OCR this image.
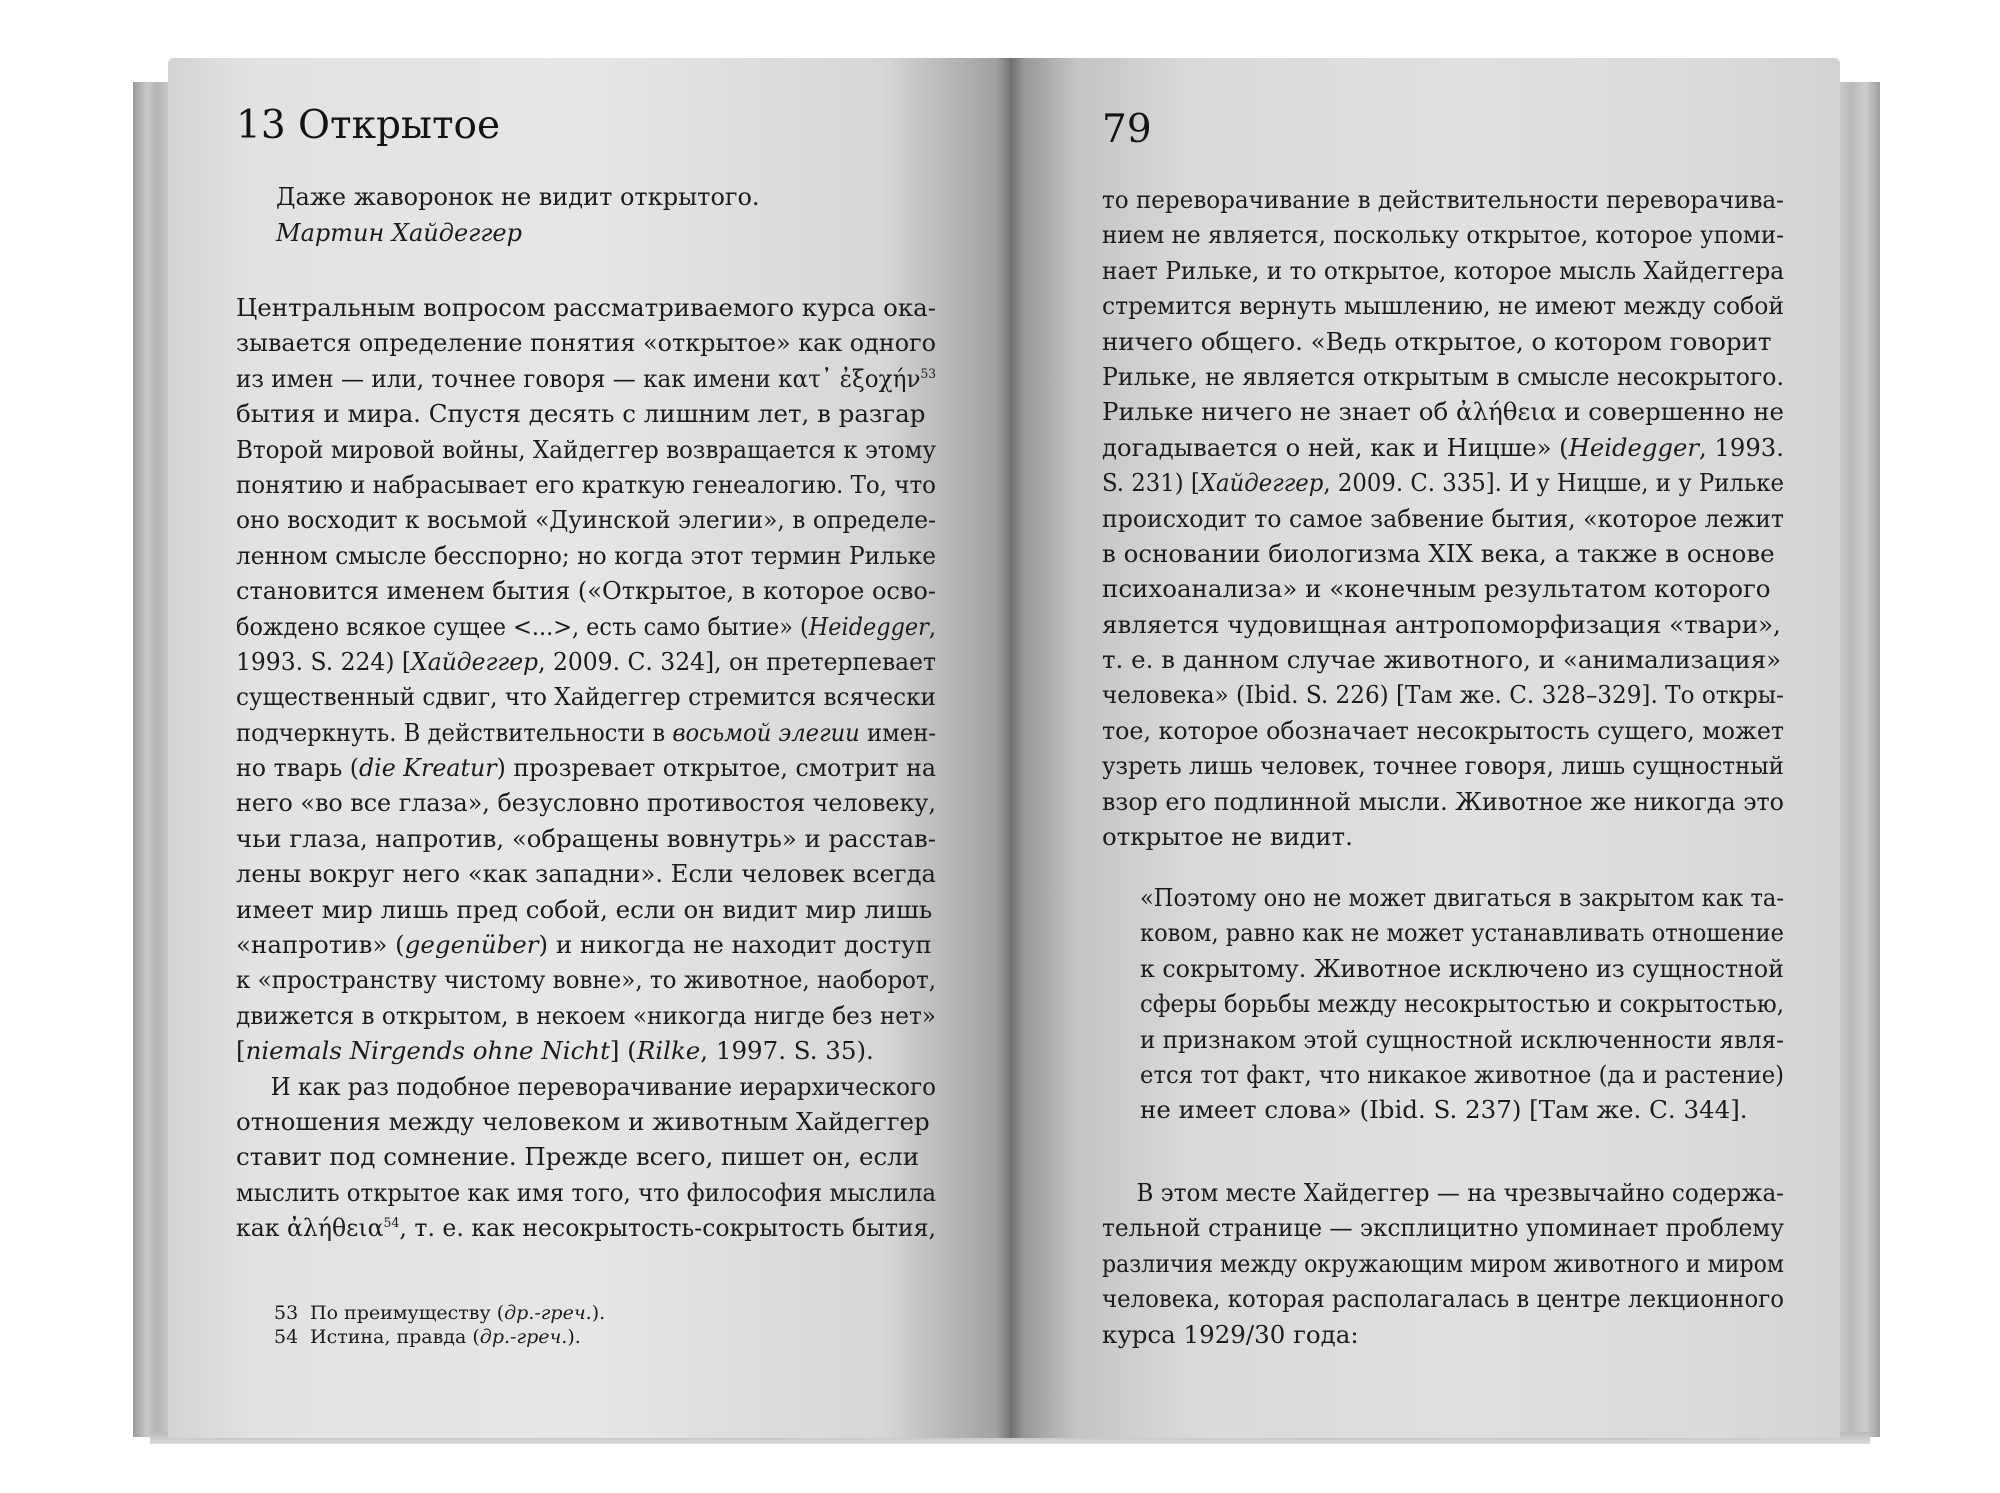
13 Открытое
Даже жаворонок не видит открытого.
Мартин Хайдеггер
Центральным вопросом рассматриваемого курса ока-
зывается определение понятия «открытое» как одного
из имен — или, точнее говоря — как имени κατ᾽ ἐξοχήν$^{53}$
бытия и мира. Спустя десять с лишним лет, в разгар
Второй мировой войны, Хайдеггер возвращается к этому
понятию и набрасывает его краткую генеалогию. То, что
оно восходит к восьмой «Дуинской элегии», в определе-
ленном смысле бесспорно; но когда этот термин Рильке
становится именем бытия («Открытое, в которое осво-
бождено всякое сущее <...>, есть само бытие» (Heidegger,
1993. S. 224) [Хайдеггер, 2009. С. 324], он претерпевает
существенный сдвиг, что Хайдеггер стремится всячески
подчеркнуть. В действительности в восьмой элегии имен-
но тварь (die Kreatur) прозревает открытое, смотрит на
него «во все глаза», безусловно противостоя человеку,
чьи глаза, напротив, «обращены вовнутрь» и расстав-
лены вокруг него «как западни». Если человек всегда
имеет мир лишь пред собой, если он видит мир лишь
«напротив» (gegenüber) и никогда не находит доступ
к «пространству чистому вовне», то животное, наоборот,
движется в открытом, в некоем «никогда нигде без нет»
[niemals Nirgends ohne Nicht] (Rilke, 1997. S. 35).
  И как раз подобное переворачивание иерархического
отношения между человеком и животным Хайдеггер
ставит под сомнение. Прежде всего, пишет он, если
мыслить открытое как имя того, что философия мыслила
как ἀλήθεια$^{54}$, т. е. как несокрытость-сокрытость бытия,
53 По преимуществу (др.-греч.).
54 Истина, правда (др.-греч.).
79
то переворачивание в действительности переворачива-
нием не является, поскольку открытое, которое упоми-
нает Рильке, и то открытое, которое мысль Хайдеггера
стремится вернуть мышлению, не имеют между собой
ничего общего. «Ведь открытое, о котором говорит
Рильке, не является открытым в смысле несокрытого.
Рильке ничего не знает об ἀλήθεια и совершенно не
догадывается о ней, как и Ницше» (Heidegger, 1993.
S. 231) [Хайдеггер, 2009. С. 335]. И у Ницше, и у Рильке
происходит то самое забвение бытия, «которое лежит
в основании биологизма XIX века, а также в основе
психоанализа» и «конечным результатом которого
является чудовищная антропоморфизация «твари»,
т. е. в данном случае животного, и «анимализация»
человека» (Ibid. S. 226) [Там же. С. 328–329]. То откры-
тое, которое обозначает несокрытость сущего, может
узреть лишь человек, точнее говоря, лишь сущностный
взор его подлинной мысли. Животное же никогда это
открытое не видит.
«Поэтому оно не может двигаться в закрытом как та-
ковом, равно как не может устанавливать отношение
к сокрытому. Животное исключено из сущностной
сферы борьбы между несокрытостью и сокрытостью,
и признаком этой сущностной исключенности явля-
ется тот факт, что никакое животное (да и растение)
не имеет слова» (Ibid. S. 237) [Там же. С. 344].
  В этом месте Хайдеггер — на чрезвычайно содержа-
тельной странице — эксплицитно упоминает проблему
различия между окружающим миром животного и миром
человека, которая располагалась в центре лекционного
курса 1929/30 года:
